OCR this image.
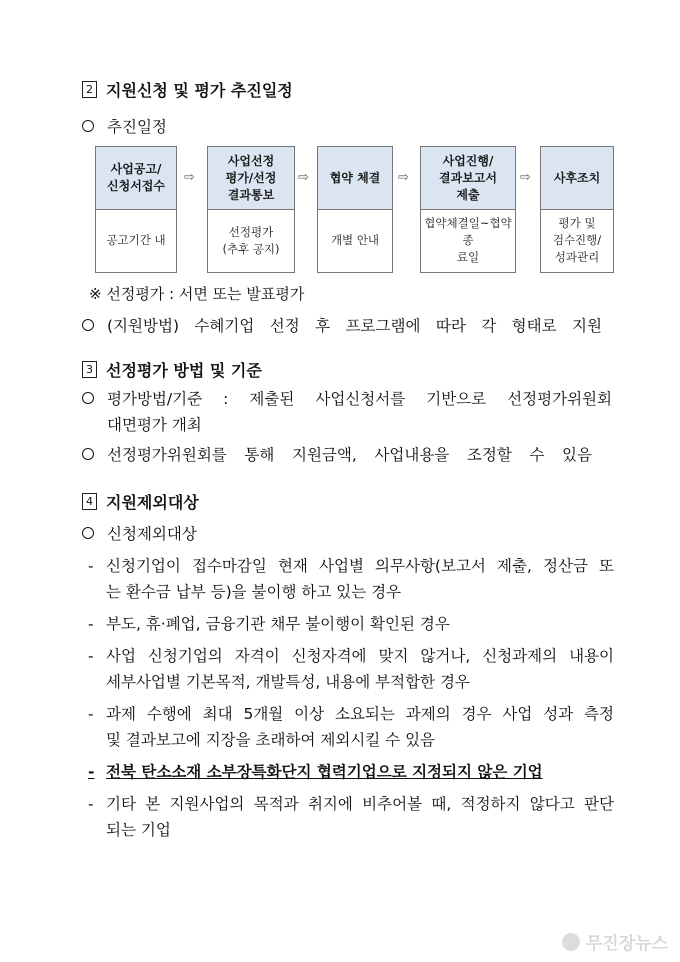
2 지원신청 및 평가 추진일정
추진일정
사업공고/
신청서접수
공고기간 내
⇨
사업선정
평가/선정
결과통보
선정평가
(추후 공지)
⇨	협약 체결
개별 안내
⇨
사업진행/
결과보고서
제출
협약체결일~협약종
료일
⇨	사후조치
평가 및
검수진행/
성과관리
※ 선정평가 : 서면 또는 발표평가
(지원방법) 수혜기업 선정 후 프로그램에 따라 각 형태로 지원
3 선정평가 방법 및 기준
평가방법/기준 : 제출된 사업신청서를 기반으로 선정평가위원회
대면평가 개최
선정평가위원회를 통해 지원금액, 사업내용을 조정할 수 있음
4 지원제외대상
신청제외대상
- 신청기업이 접수마감일 현재 사업별 의무사항(보고서 제출, 정산금 또
는 환수금 납부 등)을 불이행 하고 있는 경우
- 부도, 휴·폐업, 금융기관 채무 불이행이 확인된 경우
- 사업 신청기업의 자격이 신청자격에 맞지 않거나, 신청과제의 내용이
세부사업별 기본목적, 개발특성, 내용에 부적합한 경우
- 과제 수행에 최대 5개월 이상 소요되는 과제의 경우 사업 성과 측정
및 결과보고에 지장을 초래하여 제외시킬 수 있음
- 전북 탄소소재 소부장특화단지 협력기업으로 지정되지 않은 기업
- 기타 본 지원사업의 목적과 취지에 비추어볼 때, 적정하지 않다고 판단
되는 기업
무진장뉴스
